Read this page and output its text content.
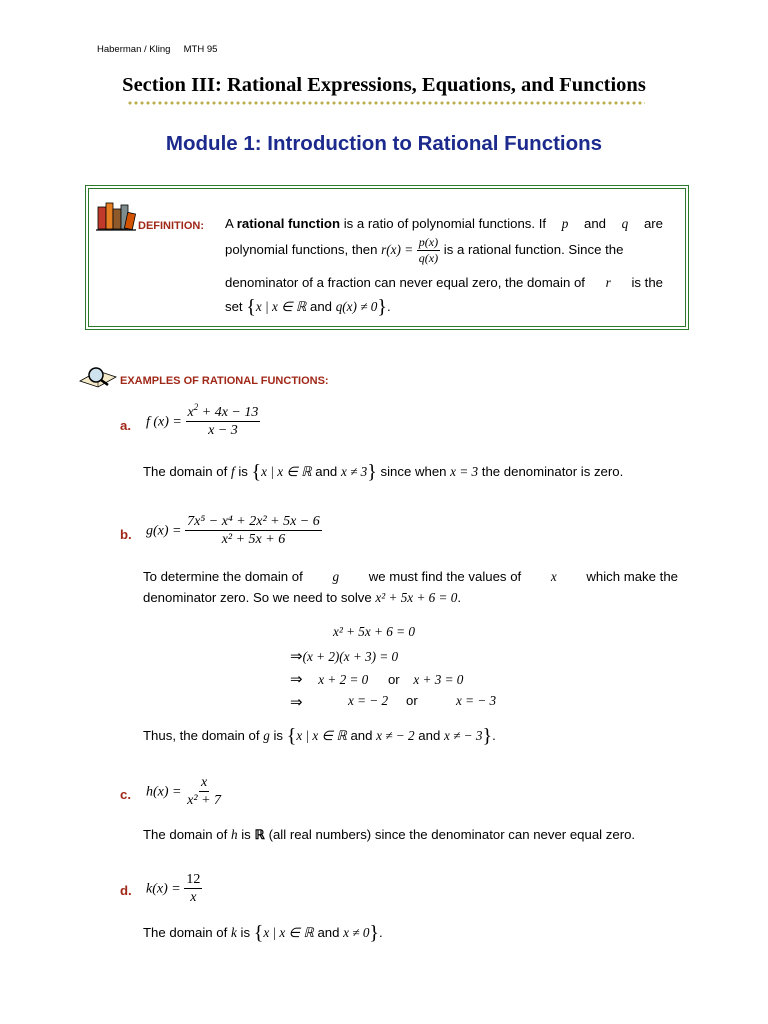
Haberman / Kling MTH 95
Section III: Rational Expressions, Equations, and Functions
Module 1: Introduction to Rational Functions
DEFINITION: A rational function is a ratio of polynomial functions. If p and q are
polynomial functions, then $r(x) = \frac{p(x)}{q(x)}$ is a rational function. Since the
denominator of a fraction can never equal zero, the domain of r is the
set {x | x ∈ ℝ and q(x) ≠ 0}.
EXAMPLES OF RATIONAL FUNCTIONS:
a. f $(x) = \frac{x^2 + 4x - 13}{x - 3}$
The domain of f is {x | x ∈ ℝ and x ≠ 3} since when x = 3 the denominator is zero.
b. $g(x) = \frac{\text{7x⁵ − x⁴ + 2x² + 5x − 6}}{\text{x² + 5x + 6}}$
To determine the domain of g we must find the values of x which make the
denominator zero. So we need to solve x² + 5x + 6 = 0.
x² + 5x + 6 = 0
⇒(x + 2)(x + 3) = 0
⇒ x + 2 = 0 or x + 3 = 0
⇒	x = − 2 or	x = − 3
Thus, the domain of g is {x | x ∈ ℝ and x ≠ − 2 and x ≠ − 3}.
c. $h(x) = \frac{x}{\text{x² + 7}}$
The domain of h is ℝ (all real numbers) since the denominator can never equal zero.
d. $k(x) = \frac{12}{x}$
The domain of k is {x | x ∈ ℝ and x ≠ 0}.
